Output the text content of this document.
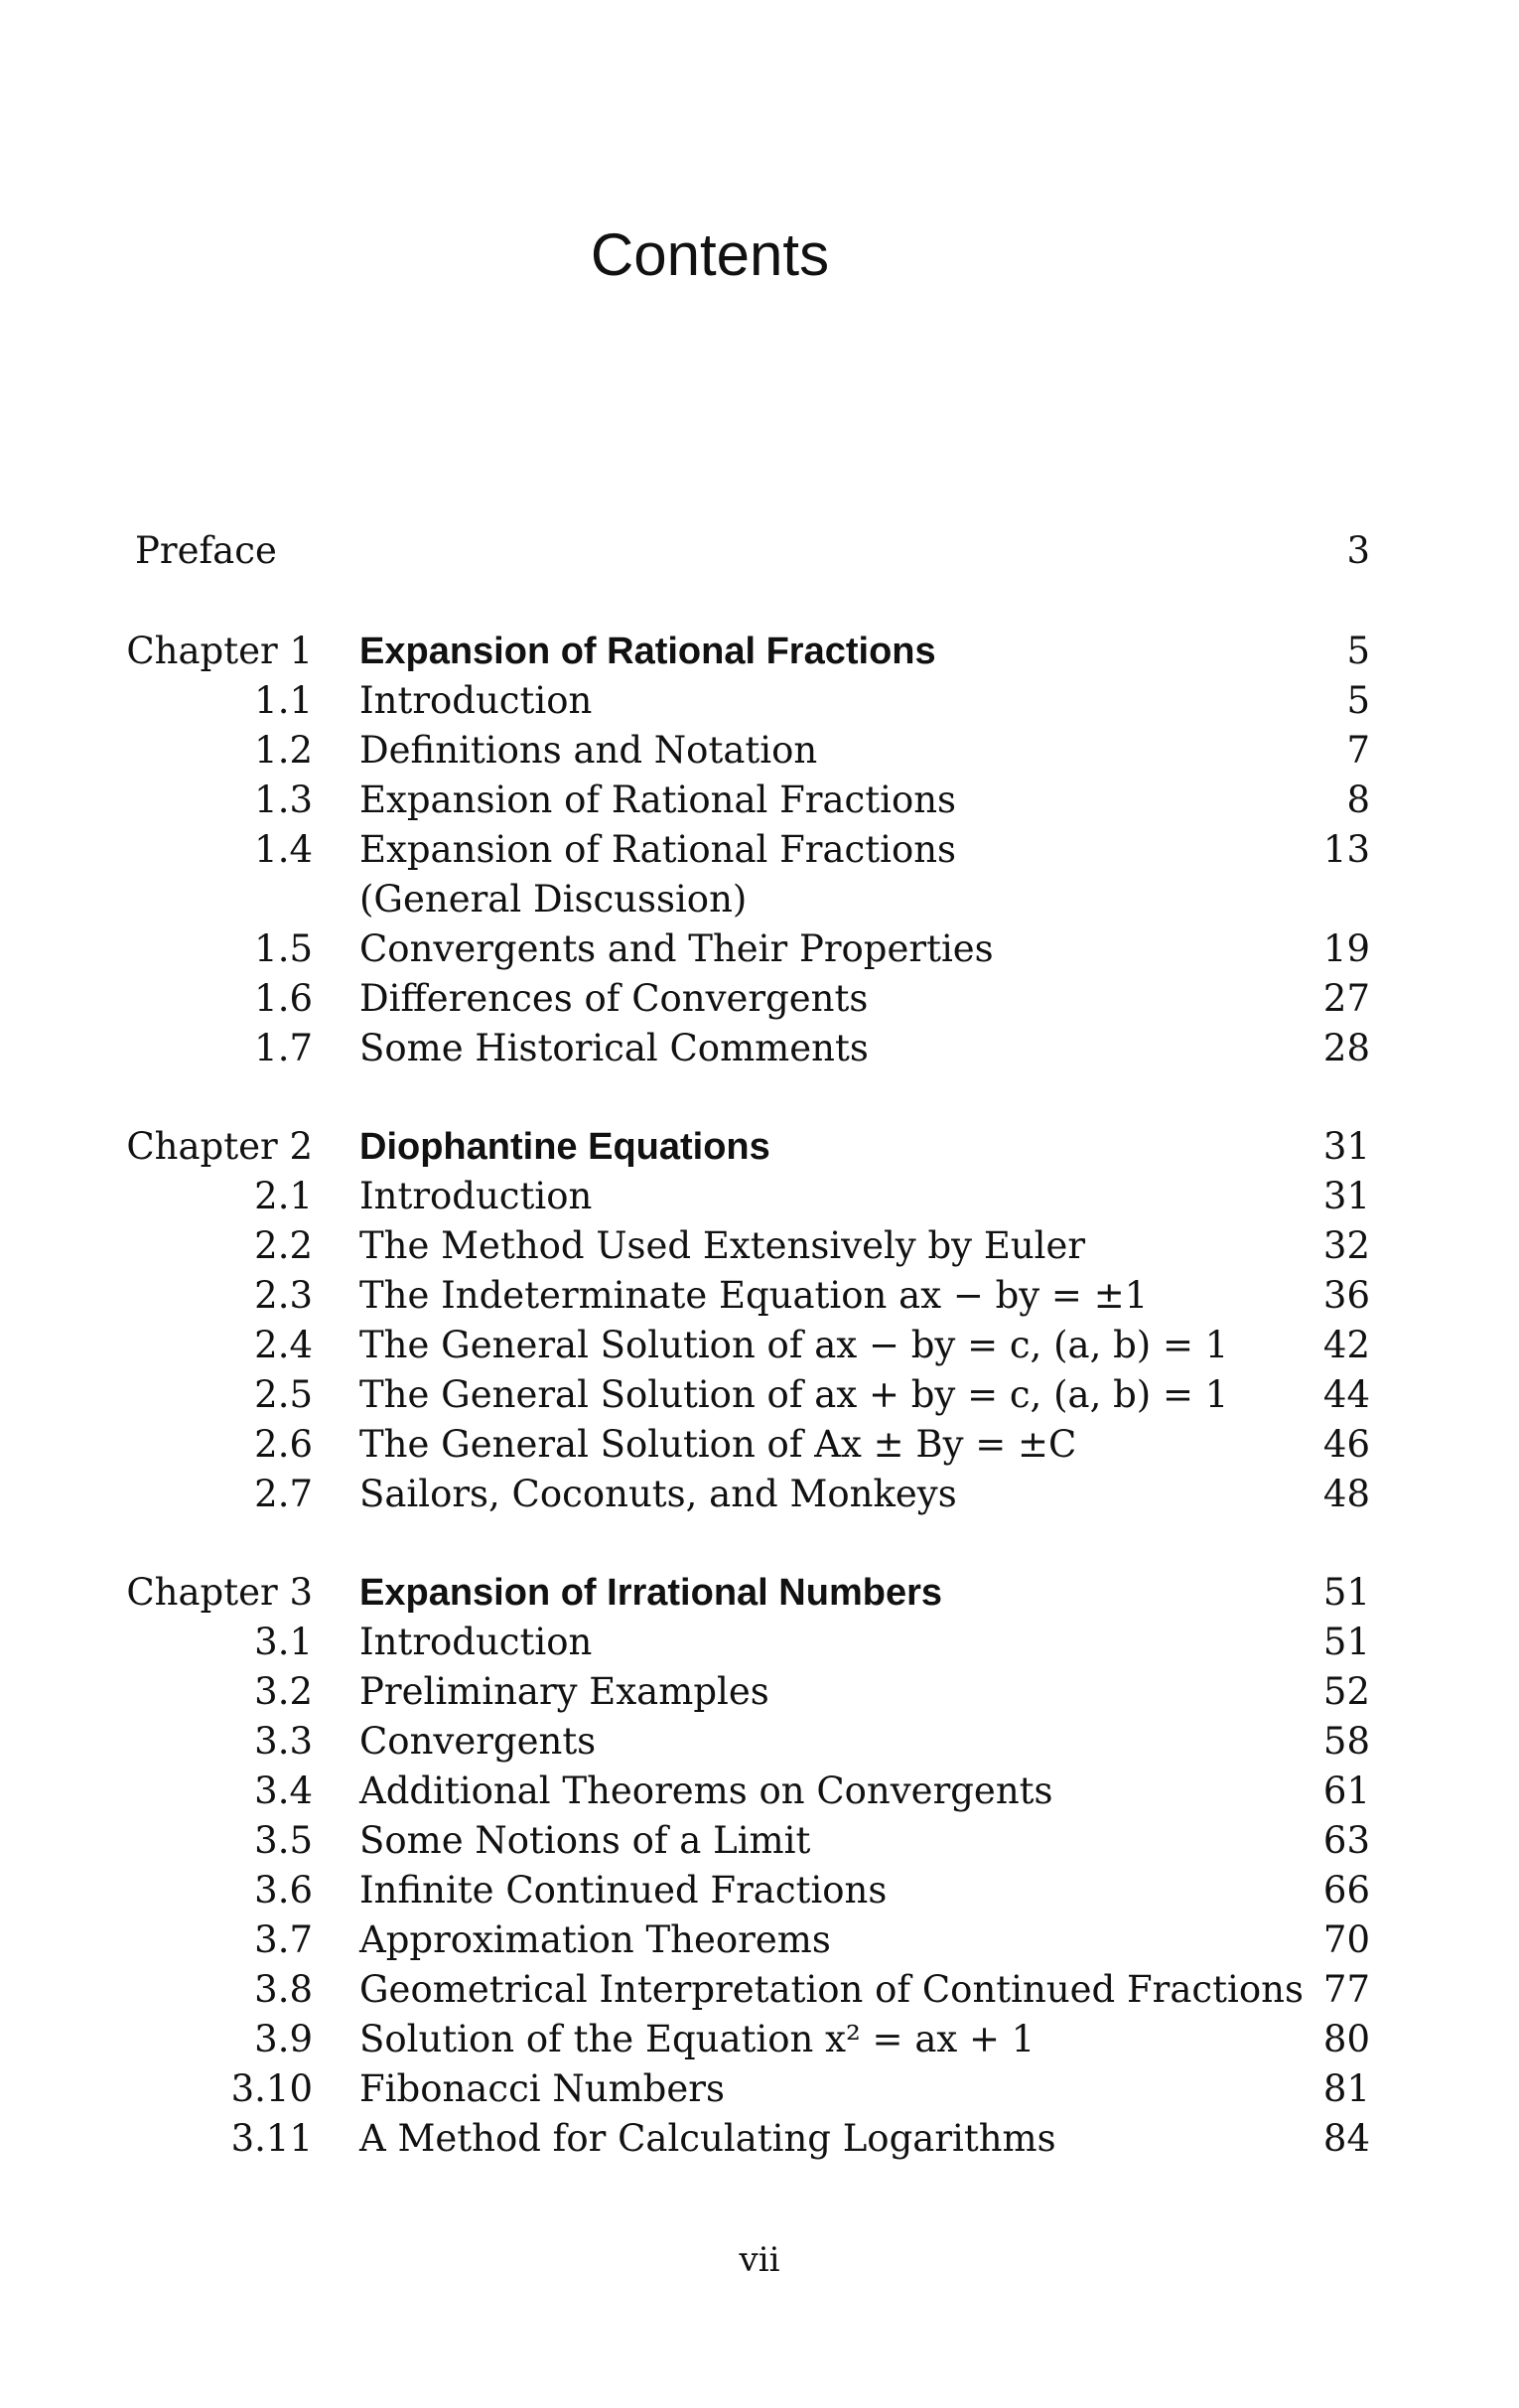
Contents
Preface	3
Chapter 1 Expansion of Rational Fractions	5
1.1 Introduction	5
1.2 Definitions and Notation	7
1.3 Expansion of Rational Fractions	8
1.4 Expansion of Rational Fractions	13
(General Discussion)
1.5 Convergents and Their Properties	19
1.6 Differences of Convergents	27
1.7 Some Historical Comments	28
Chapter 2 Diophantine Equations	31
2.1 Introduction	31
2.2 The Method Used Extensively by Euler	32
2.3 The Indeterminate Equation ax − by = ±1	36
2.4 The General Solution of ax − by = c, (a, b) = 1	42
2.5 The General Solution of ax + by = c, (a, b) = 1	44
2.6 The General Solution of Ax ± By = ±C	46
2.7 Sailors, Coconuts, and Monkeys	48
Chapter 3 Expansion of Irrational Numbers	51
3.1 Introduction	51
3.2 Preliminary Examples	52
3.3 Convergents	58
3.4 Additional Theorems on Convergents	61
3.5 Some Notions of a Limit	63
3.6 Infinite Continued Fractions	66
3.7 Approximation Theorems	70
3.8 Geometrical Interpretation of Continued Fractions 77
3.9 Solution of the Equation x² = ax + 1	80
3.10 Fibonacci Numbers	81
3.11 A Method for Calculating Logarithms	84
vii
